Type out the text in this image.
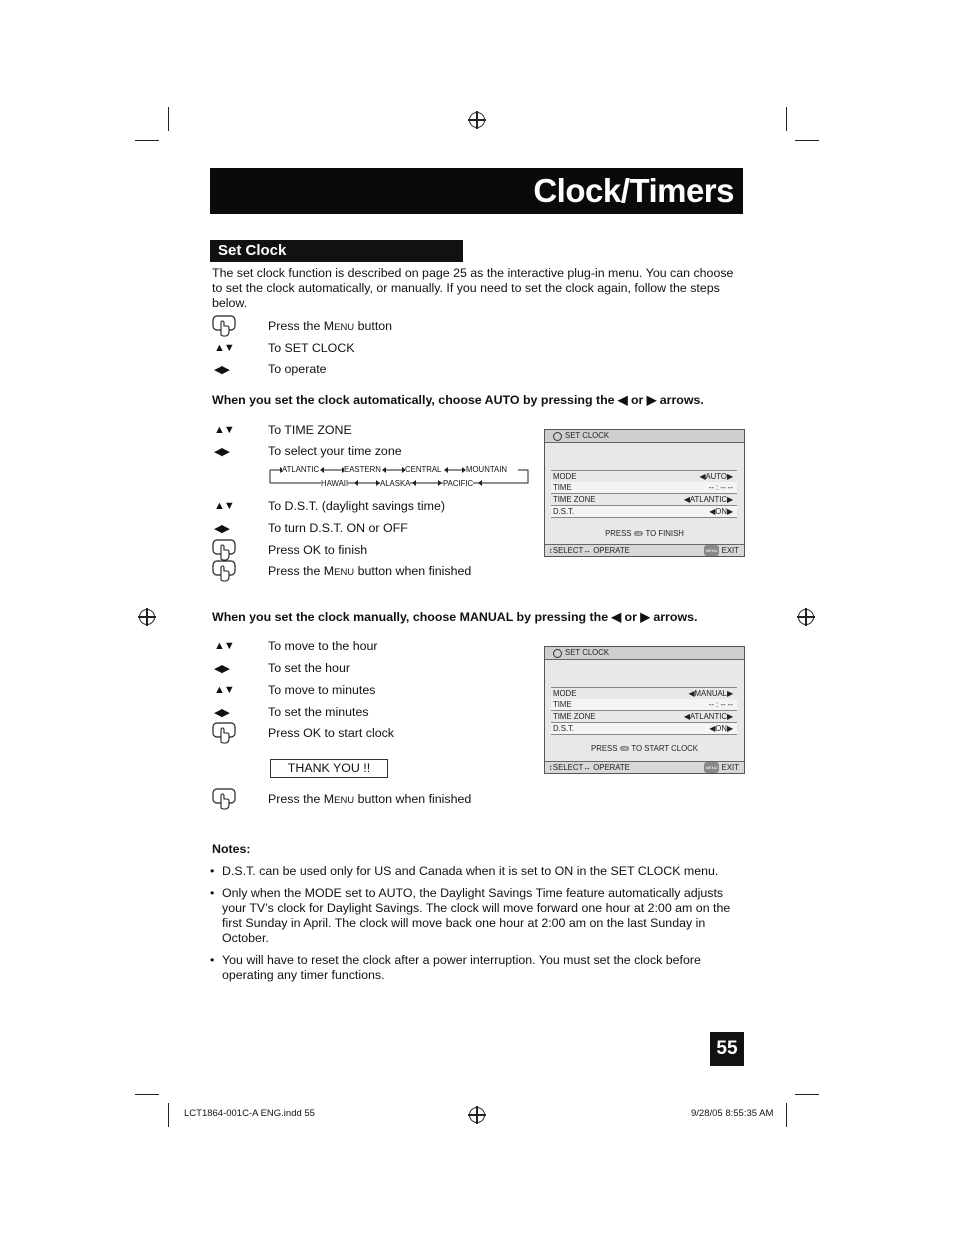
Clock/Timers
Set Clock
The set clock function is described on page 25 as the interactive plug-in menu. You can choose to set the clock automatically, or manually. If you need to set the clock again, follow the steps below.
Press the MENU button
▲▼	To SET CLOCK
◀▶	To operate
▲▼	To TIME ZONE
◀▶	To select your time zone
▲▼	To D.S.T. (daylight savings time)
◀▶	To turn D.S.T. ON or OFF
Press OK to finish
Press the MENU button when finished
▲▼	To move to the hour
◀▶	To set the hour
▲▼	To move to minutes
◀▶	To set the minutes
Press OK to start clock
Press the MENU button when finished
When you set the clock automatically, choose AUTO by pressing the ◀ or ▶ arrows.
ATLANTIC	EASTERN	CENTRAL	MOUNTAIN
HAWAII	ALASKA	PACIFIC
SET CLOCK
MODE	◀AUTO▶
TIME	-- : -- --
TIME ZONE	◀ATLANTIC▶
D.S.T.	◀ON▶
PRESS OK TO FINISH
↕SELECT↔ OPERATE	MENU EXIT
When you set the clock manually, choose MANUAL by pressing the ◀ or ▶ arrows.
SET CLOCK
MODE	◀MANUAL▶
TIME	-- : -- --
TIME ZONE	◀ATLANTIC▶
D.S.T.	◀ON▶
PRESS OK TO START CLOCK
↕SELECT↔ OPERATE	MENU EXIT
THANK YOU !!
Notes:
• D.S.T. can be used only for US and Canada when it is set to ON in the SET CLOCK menu.
• Only when the MODE set to AUTO, the Daylight Savings Time feature automatically adjusts your TV’s clock for Daylight Savings. The clock will move forward one hour at 2:00 am on the first Sunday in April. The clock will move back one hour at 2:00 am on the last Sunday in October.
• You will have to reset the clock after a power interruption. You must set the clock before operating any timer functions.
55
LCT1864-001C-A ENG.indd 55	9/28/05 8:55:35 AM
